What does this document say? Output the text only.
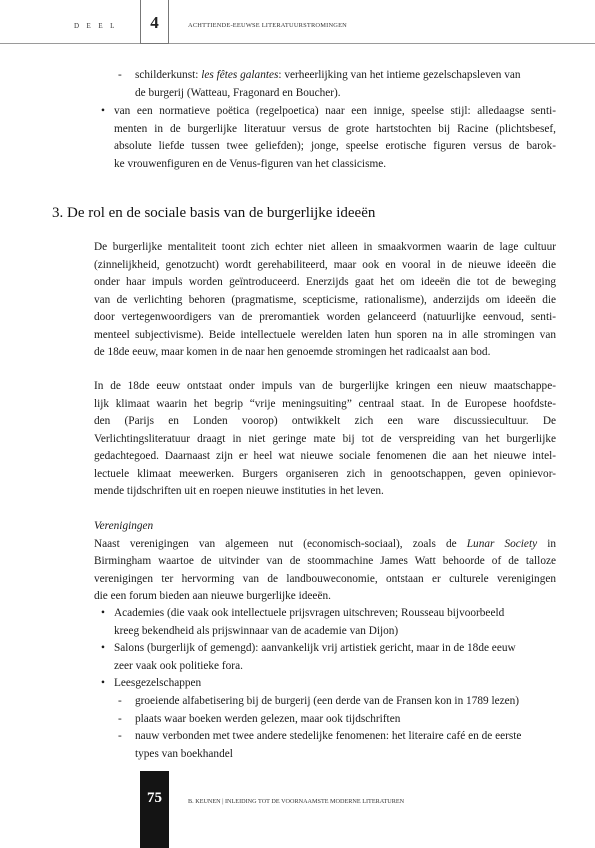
DEEL	4	ACHTTIENDE-EEUWSE LITERATUURSTROMINGEN
- schilderkunst: les fêtes galantes: verheerlijking van het intieme gezelschapsleven van
de burgerij (Watteau, Fragonard en Boucher).
• van een normatieve poëtica (regelpoetica) naar een innige, speelse stijl: alledaagse senti-
menten in de burgerlijke literatuur versus de grote hartstochten bij Racine (plichtsbesef,
absolute liefde tussen twee geliefden); jonge, speelse erotische figuren versus de barok-
ke vrouwenfiguren en de Venus-figuren van het classicisme.
3. De rol en de sociale basis van de burgerlijke ideeën
De burgerlijke mentaliteit toont zich echter niet alleen in smaakvormen waarin de lage cultuur
(zinnelijkheid, genotzucht) wordt gerehabiliteerd, maar ook en vooral in de nieuwe ideeën die
onder haar impuls worden geïntroduceerd. Enerzijds gaat het om ideeën die tot de beweging
van de verlichting behoren (pragmatisme, scepticisme, rationalisme), anderzijds om ideeën die
door vertegenwoordigers van de preromantiek worden gelanceerd (natuurlijke eenvoud, senti-
menteel subjectivisme). Beide intellectuele werelden laten hun sporen na in alle stromingen van
de 18de eeuw, maar komen in de naar hen genoemde stromingen het radicaalst aan bod.
In de 18de eeuw ontstaat onder impuls van de burgerlijke kringen een nieuw maatschappe-
lijk klimaat waarin het begrip “vrije meningsuiting” centraal staat. In de Europese hoofdste-
den (Parijs en Londen voorop) ontwikkelt zich een ware discussiecultuur. De
Verlichtingsliteratuur draagt in niet geringe mate bij tot de verspreiding van het burgerlijke
gedachtegoed. Daarnaast zijn er heel wat nieuwe sociale fenomenen die aan het nieuwe intel-
lectuele klimaat meewerken. Burgers organiseren zich in genootschappen, geven opinievor-
mende tijdschriften uit en roepen nieuwe instituties in het leven.
Verenigingen
Naast verenigingen van algemeen nut (economisch-sociaal), zoals de Lunar Society in
Birmingham waartoe de uitvinder van de stoommachine James Watt behoorde of de talloze
verenigingen ter hervorming van de landbouweconomie, ontstaan er culturele verenigingen
die een forum bieden aan nieuwe burgerlijke ideeën.
• Academies (die vaak ook intellectuele prijsvragen uitschreven; Rousseau bijvoorbeeld
kreeg bekendheid als prijswinnaar van de academie van Dijon)
• Salons (burgerlijk of gemengd): aanvankelijk vrij artistiek gericht, maar in de 18de eeuw
zeer vaak ook politieke fora.
• Leesgezelschappen
- groeiende alfabetisering bij de burgerij (een derde van de Fransen kon in 1789 lezen)
- plaats waar boeken werden gelezen, maar ook tijdschriften
- nauw verbonden met twee andere stedelijke fenomenen: het literaire café en de eerste
types van boekhandel
75	B. KEUNEN | INLEIDING TOT DE VOORNAAMSTE MODERNE LITERATUREN
